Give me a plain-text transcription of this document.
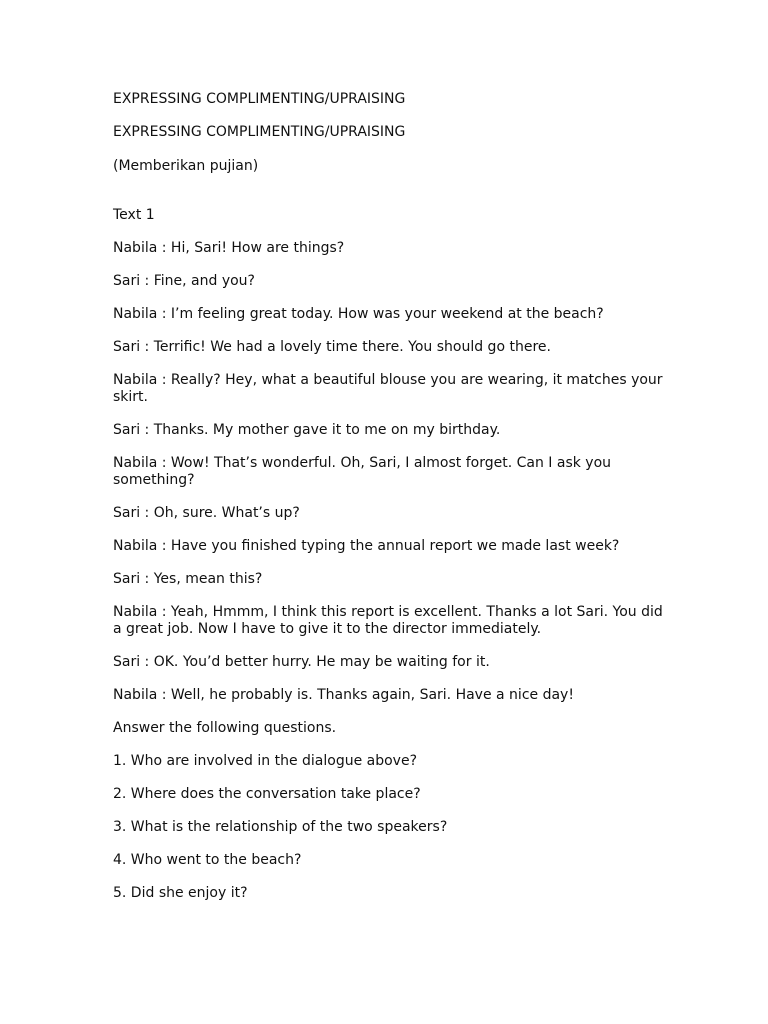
EXPRESSING COMPLIMENTING/UPRAISING

EXPRESSING COMPLIMENTING/UPRAISING

(Memberikan pujian)

Text 1

Nabila : Hi, Sari! How are things?

Sari : Fine, and you?

Nabila : I’m feeling great today. How was your weekend at the beach?

Sari : Terrific! We had a lovely time there. You should go there.

Nabila : Really? Hey, what a beautiful blouse you are wearing, it matches your skirt.

Sari : Thanks. My mother gave it to me on my birthday.

Nabila : Wow! That’s wonderful. Oh, Sari, I almost forget. Can I ask you something?

Sari : Oh, sure. What’s up?

Nabila : Have you finished typing the annual report we made last week?

Sari : Yes, mean this?

Nabila : Yeah, Hmmm, I think this report is excellent. Thanks a lot Sari. You did a great job. Now I have to give it to the director immediately.

Sari : OK. You’d better hurry. He may be waiting for it.

Nabila : Well, he probably is. Thanks again, Sari. Have a nice day!

Answer the following questions.

1. Who are involved in the dialogue above?

2. Where does the conversation take place?

3. What is the relationship of the two speakers?

4. Who went to the beach?

5. Did she enjoy it?
